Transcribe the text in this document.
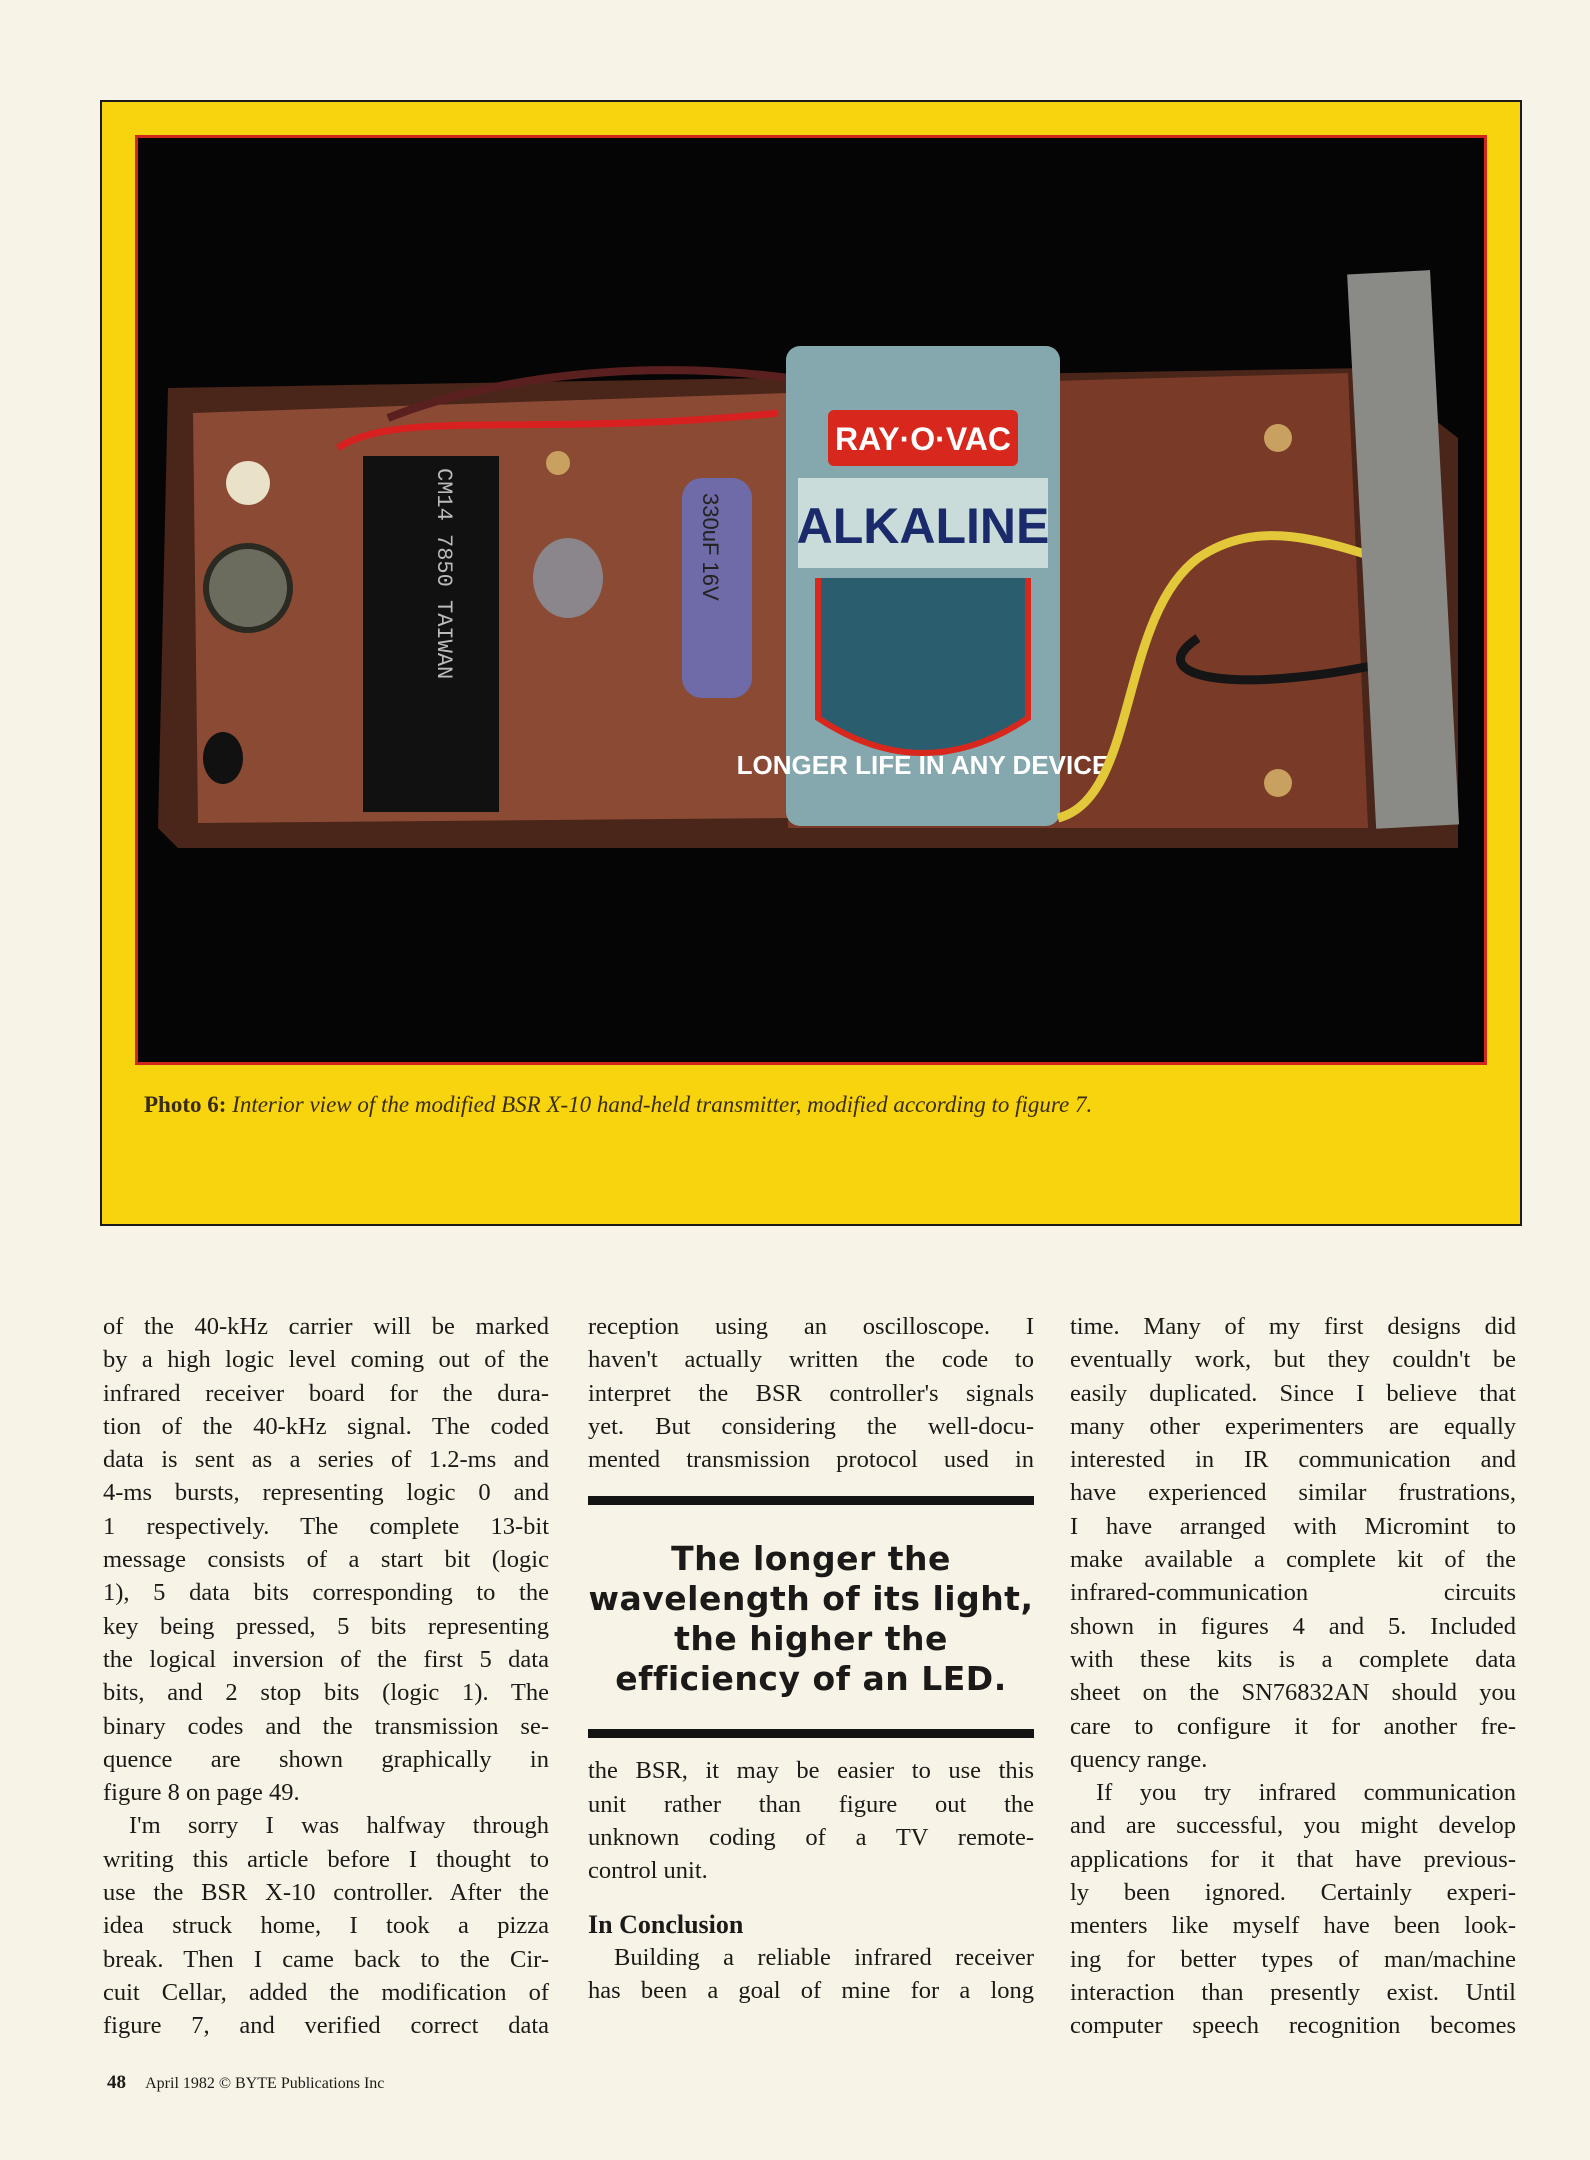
CM14 7850 TAIWAN	330uF 16V
RAY·O·VAC
ALKALINE
LONGER LIFE IN ANY DEVICE
Photo 6: Interior view of the modified BSR X-10 hand-held transmitter, modified according to figure 7.
of the 40-kHz carrier will be marked
by a high logic level coming out of the
infrared receiver board for the dura-
tion of the 40-kHz signal. The coded
data is sent as a series of 1.2-ms and
4-ms bursts, representing logic 0 and
1 respectively. The complete 13-bit
message consists of a start bit (logic
1), 5 data bits corresponding to the
key being pressed, 5 bits representing
the logical inversion of the first 5 data
bits, and 2 stop bits (logic 1). The
binary codes and the transmission se-
quence are shown graphically in
figure 8 on page 49.
I'm sorry I was halfway through
writing this article before I thought to
use the BSR X-10 controller. After the
idea struck home, I took a pizza
break. Then I came back to the Cir-
cuit Cellar, added the modification of
figure 7, and verified correct data
reception using an oscilloscope. I
haven't actually written the code to
interpret the BSR controller's signals
yet. But considering the well-docu-
mented transmission protocol used in
The longer the wavelength of its light, the higher the efficiency of an LED.
the BSR, it may be easier to use this
unit rather than figure out the
unknown coding of a TV remote-
control unit.
In Conclusion
Building a reliable infrared receiver
has been a goal of mine for a long
time. Many of my first designs did
eventually work, but they couldn't be
easily duplicated. Since I believe that
many other experimenters are equally
interested in IR communication and
have experienced similar frustrations,
I have arranged with Micromint to
make available a complete kit of the
infrared-communication circuits
shown in figures 4 and 5. Included
with these kits is a complete data
sheet on the SN76832AN should you
care to configure it for another fre-
quency range.
If you try infrared communication
and are successful, you might develop
applications for it that have previous-
ly been ignored. Certainly experi-
menters like myself have been look-
ing for better types of man/machine
interaction than presently exist. Until
computer speech recognition becomes
48 April 1982 © BYTE Publications Inc
